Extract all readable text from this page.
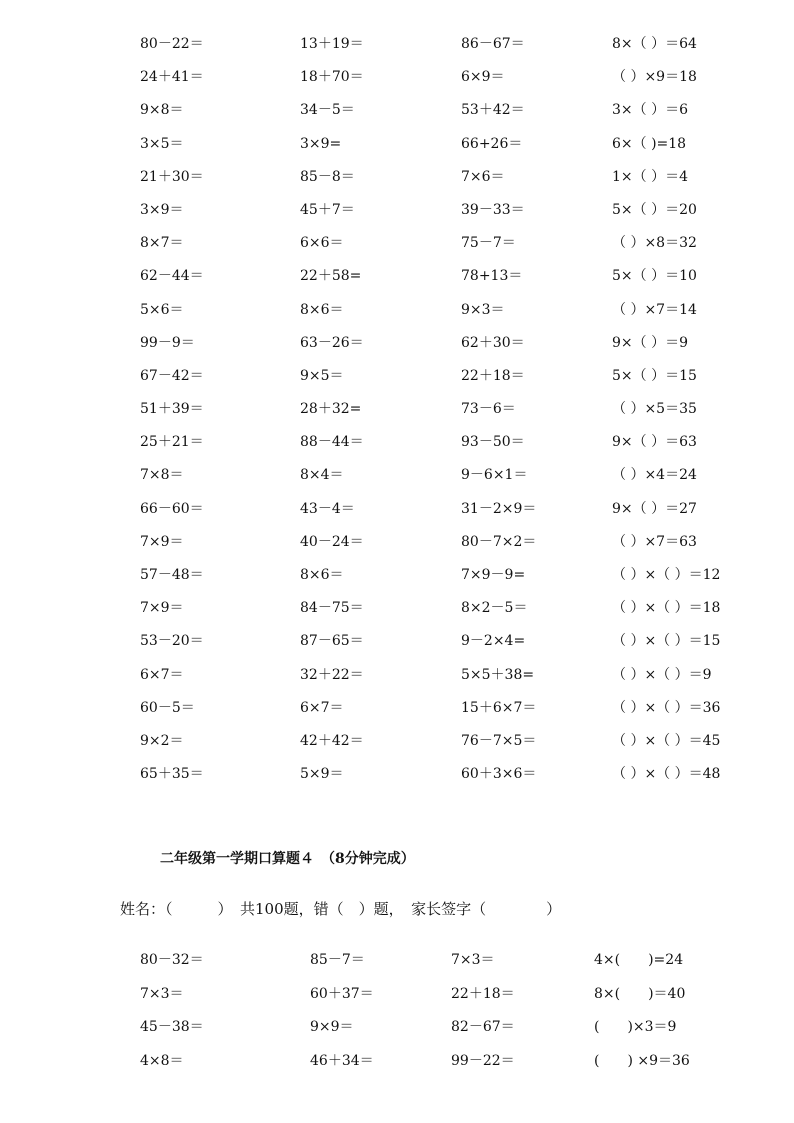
80－22＝	13＋19＝	86－67＝	8×（ ）＝64
24＋41＝	18＋70＝	6×9＝	（ ）×9＝18
9×8＝	34－5＝	53＋42＝	3×（ ）＝6
3×5＝	3×9=	66+26＝	6×（ )=18
21＋30＝	85－8＝	7×6＝	1×（ ）＝4
3×9＝	45＋7＝	39－33＝	5×（ ）＝20
8×7＝	6×6＝	75－7＝	（ ）×8＝32
62－44＝	22＋58=	78+13＝	5×（ ）＝10
5×6＝	8×6＝	9×3＝	（ ）×7＝14
99－9＝	63－26＝	62＋30＝	9×（ ）＝9
67－42＝	9×5＝	22＋18＝	5×（ ）＝15
51＋39＝	28＋32=	73－6＝	（ ）×5＝35
25＋21＝	88－44＝	93－50＝	9×（ ）＝63
7×8＝	8×4＝	9－6×1＝	（ ）×4＝24
66－60＝	43－4＝	31－2×9＝	9×（ ）＝27
7×9＝	40－24＝	80－7×2＝	（ ）×7＝63
57－48＝	8×6＝	7×9－9=	（ ）×（ ）＝12
7×9＝	84－75＝	8×2－5＝	（ ）×（ ）＝18
53－20＝	87－65＝	9－2×4=	（ ）×（ ）＝15
6×7＝	32＋22＝	5×5＋38=	（ ）×（ ）＝9
60－5＝	6×7＝	15＋6×7＝	（ ）×（ ）＝36
9×2＝	42＋42＝	76－7×5＝	（ ）×（ ）＝45
65＋35＝	5×9＝	60＋3×6＝	（ ）×（ ）＝48
二年级第一学期口算题４　（8分钟完成）
姓名：（　　　）　共100题，错（　）题，　家长签字（　　　　）
80－32＝	85－7＝	7×3＝	4×(　　)=24
7×3＝	60＋37＝	22＋18＝	8×(　　)＝40
45－38＝	9×9＝	82－67＝	(　　)×3＝9
4×8＝	46＋34＝	99－22＝	(　　) ×9＝36
